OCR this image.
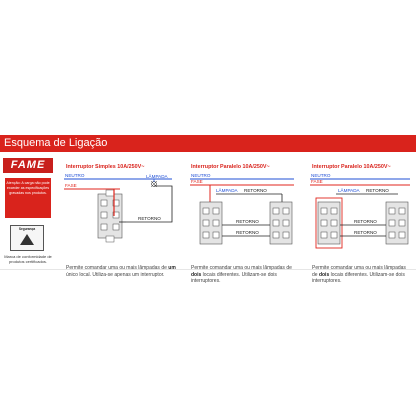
Esquema de Ligação
FAME
Atenção: A carga não pode exceder as especificações gravadas nos produtos.
Segurança
Marca de conformidade de produtos certificados.
Interruptor Simples 10A/250V~
NEUTRO
FASE
LÂMPADA
RETORNO
Permite comandar uma ou mais lâmpadas de um único local. Utiliza-se apenas um interruptor.
Interruptor Paralelo 10A/250V~
NEUTRO
FASE
LÂMPADA RETORNO
RETORNO
RETORNO
Permite comandar uma ou mais lâmpadas de dois locais diferentes. Utilizam-se dois interruptores.
Interruptor Paralelo 10A/250V~
NEUTRO
FASE
LÂMPADA RETORNO
RETORNO
RETORNO
Permite comandar uma ou mais lâmpadas de dois locais diferentes. Utilizam-se dois interruptores.
